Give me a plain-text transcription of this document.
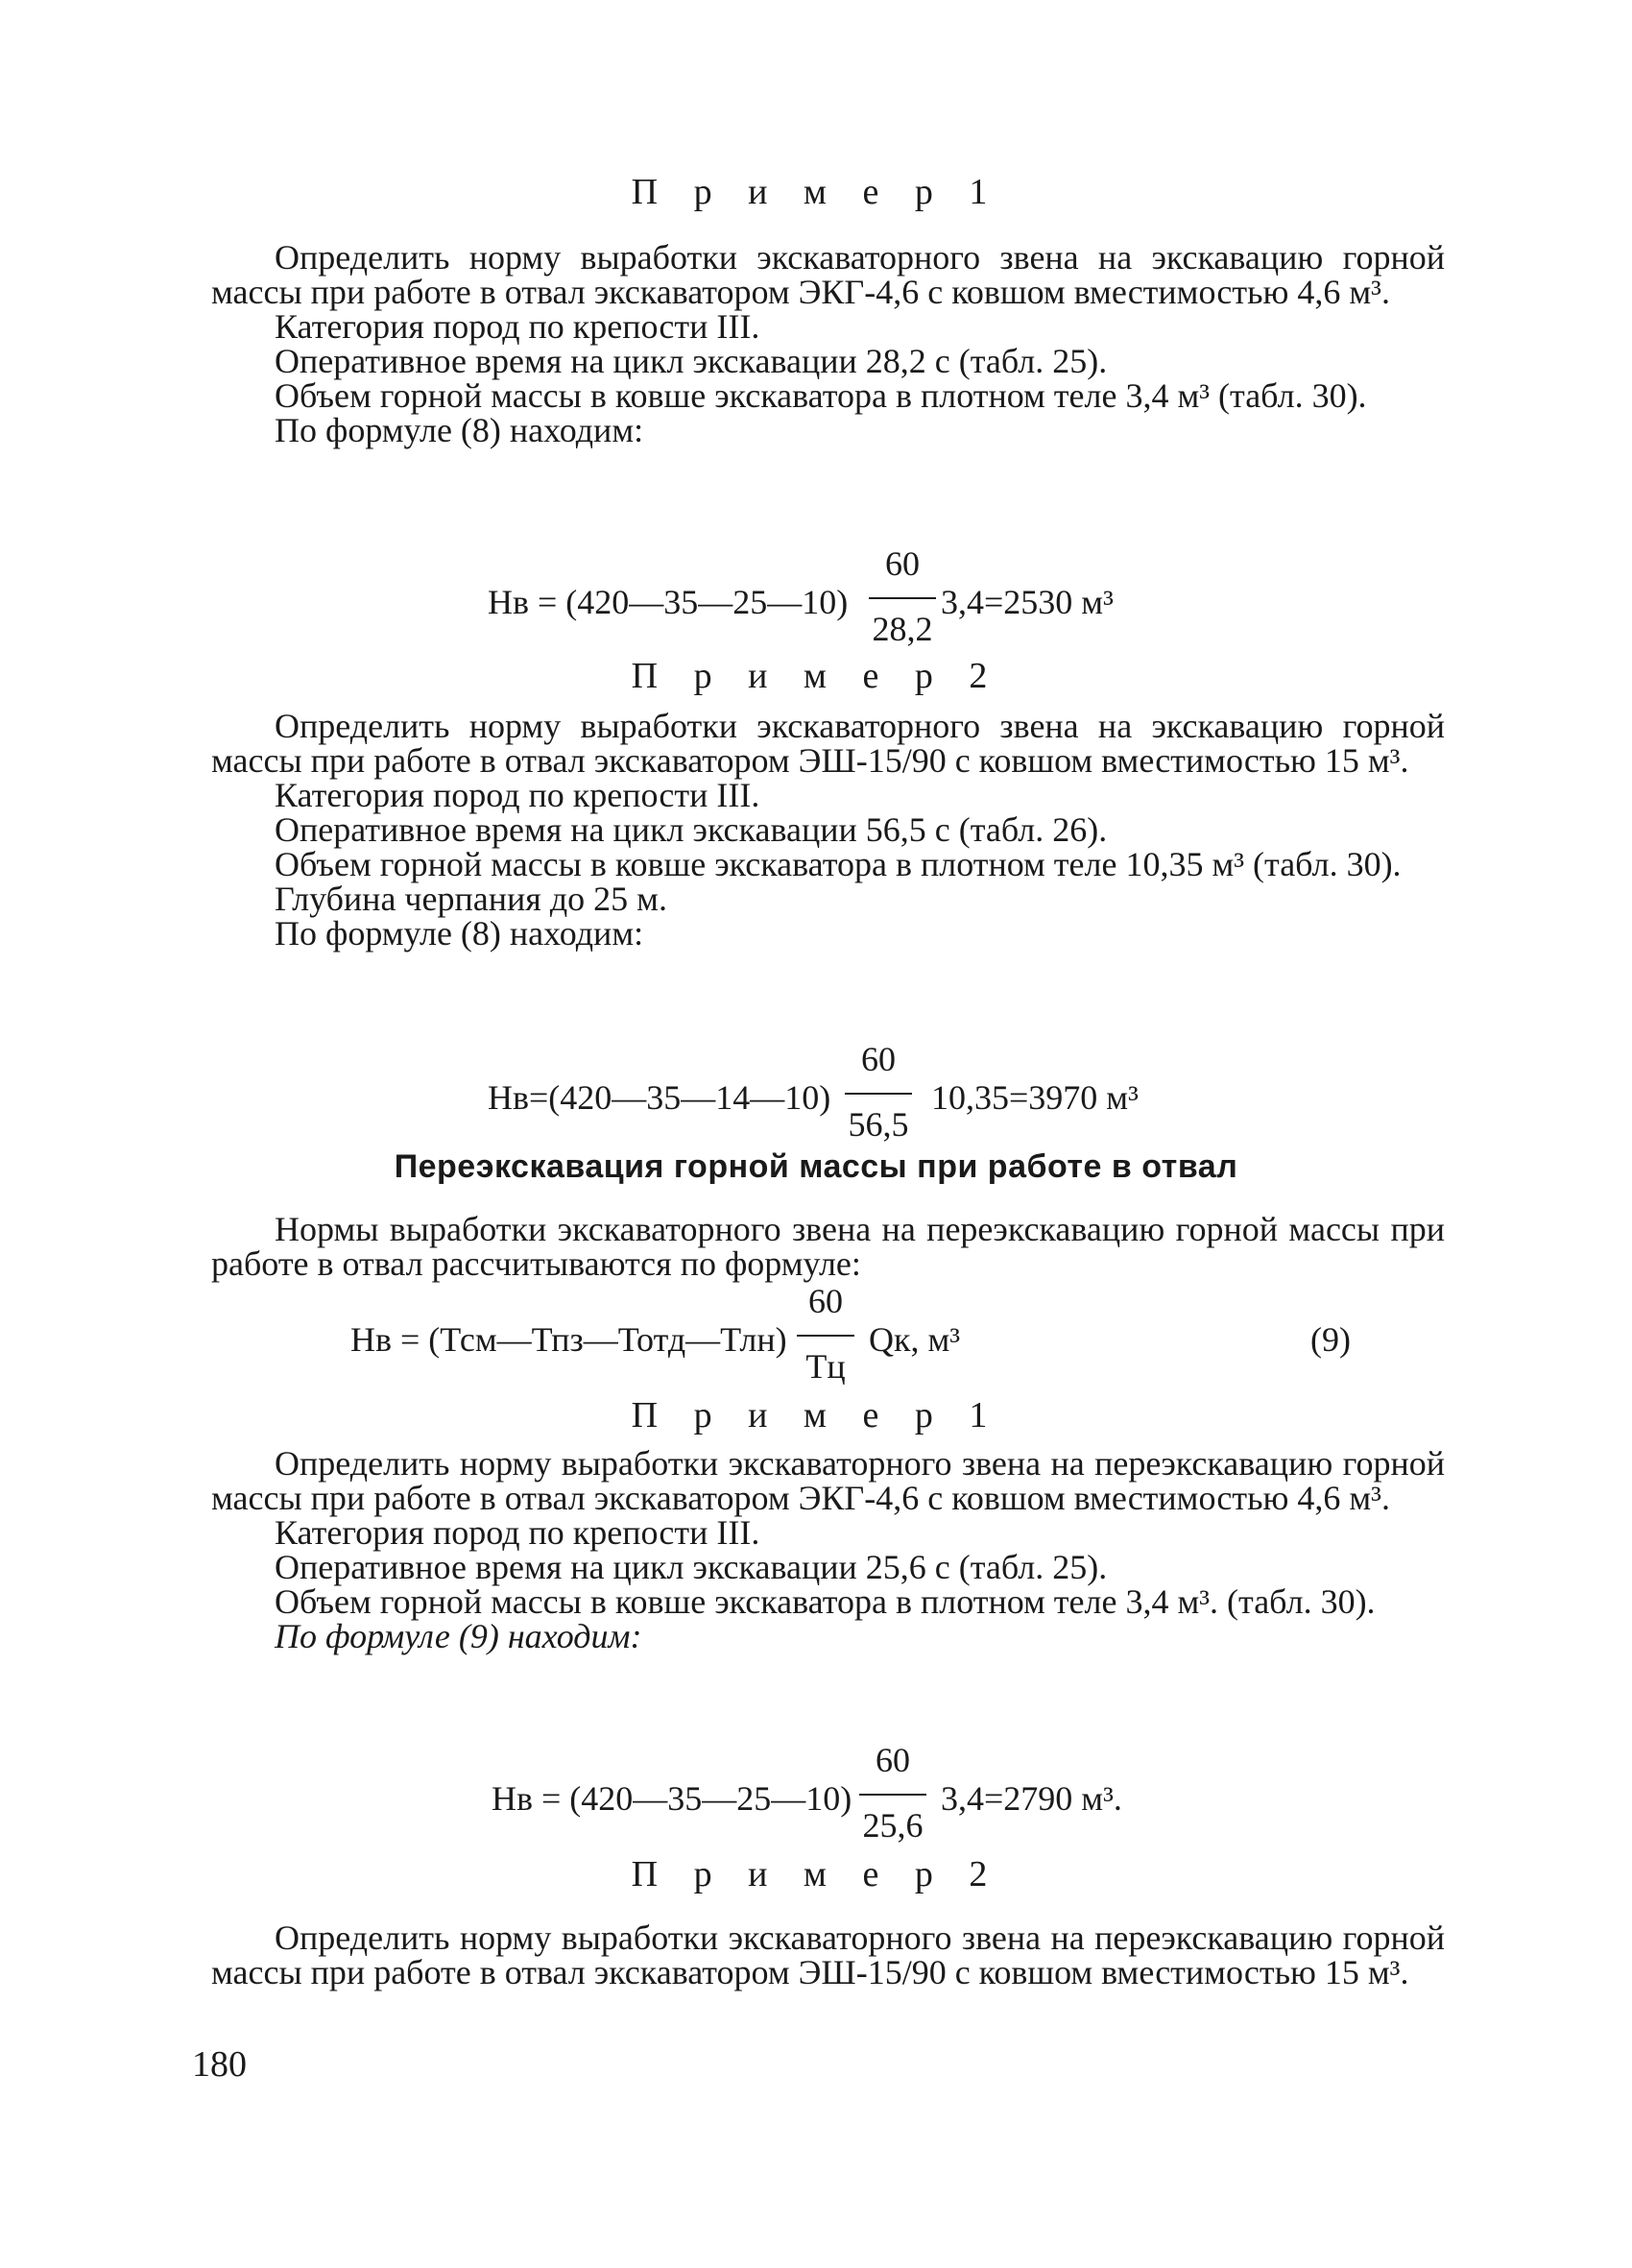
П р и м е р 1

Определить норму выработки экскаваторного звена на экскавацию горной массы при работе в отвал экскаватором ЭКГ-4,6 с ковшом вместимостью 4,6 м³.

Категория пород по крепости III.

Оперативное время на цикл экскавации 28,2 с (табл. 25).

Объем горной массы в ковше экскаватора в плотном теле 3,4 м³ (табл. 30).

По формуле (8) находим:

Нв = (420—35—25—10)
60
28,2
3,4=2530 м³
П р и м е р 2

Определить норму выработки экскаваторного звена на экскавацию горной массы при работе в отвал экскаватором ЭШ-15/90 с ковшом вместимостью 15 м³.

Категория пород по крепости III.

Оперативное время на цикл экскавации 56,5 с (табл. 26).

Объем горной массы в ковше экскаватора в плотном теле 10,35 м³ (табл. 30).

Глубина черпания до 25 м.

По формуле (8) находим:

Нв=(420—35—14—10)
60
56,5
10,35=3970 м³
Переэкскавация горной массы при работе в отвал

Нормы выработки экскаваторного звена на переэкскавацию горной массы при работе в отвал рассчитываются по формуле:

Нв = (Тсм—Тпз—Тотд—Тлн)
60
Тц
Qк, м³	(9)
П р и м е р 1

Определить норму выработки экскаваторного звена на переэкскавацию горной массы при работе в отвал экскаватором ЭКГ-4,6 с ковшом вместимостью 4,6 м³.

Категория пород по крепости III.

Оперативное время на цикл экскавации 25,6 с (табл. 25).

Объем горной массы в ковше экскаватора в плотном теле 3,4 м³. (табл. 30).

По формуле (9) находим:

Нв = (420—35—25—10)
60
25,6
3,4=2790 м³.
П р и м е р 2

Определить норму выработки экскаваторного звена на переэкскавацию горной массы при работе в отвал экскаватором ЭШ-15/90 с ковшом вместимостью 15 м³.

180
